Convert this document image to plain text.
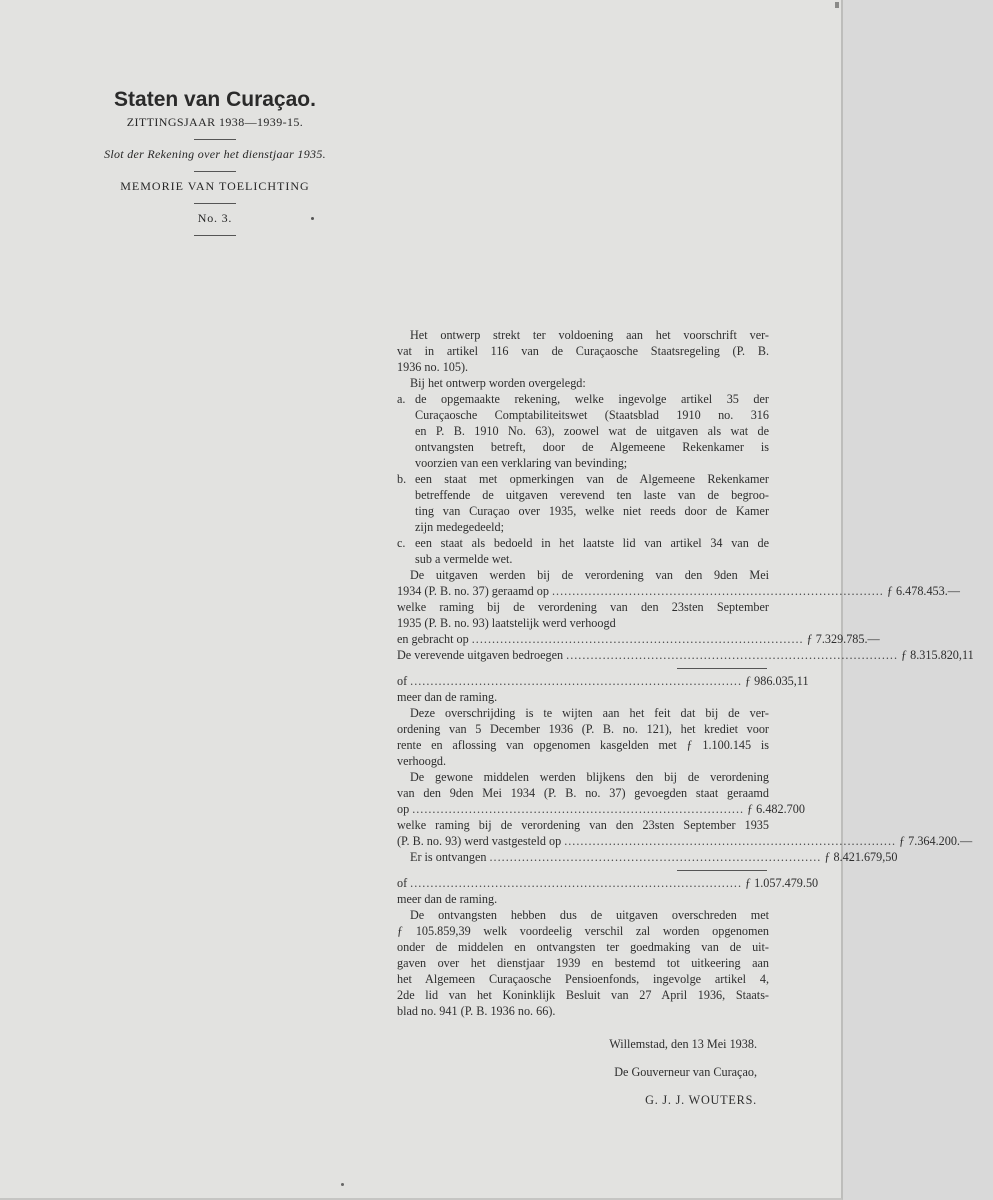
Staten van Curaçao.
ZITTINGSJAAR 1938—1939-15.
Slot der Rekening over het dienstjaar 1935.
MEMORIE VAN TOELICHTING
No. 3.
Het ontwerp strekt ter voldoening aan het voorschrift ver-
vat in artikel 116 van de Curaçaosche Staatsregeling (P. B.
1936 no. 105).
Bij het ontwerp worden overgelegd:
a. de opgemaakte rekening, welke ingevolge artikel 35 der
Curaçaosche Comptabiliteitswet (Staatsblad 1910 no. 316
en P. B. 1910 No. 63), zoowel wat de uitgaven als wat de
ontvangsten betreft, door de Algemeene Rekenkamer is
voorzien van een verklaring van bevinding;
b. een staat met opmerkingen van de Algemeene Rekenkamer
betreffende de uitgaven verevend ten laste van de begroo-
ting van Curaçao over 1935, welke niet reeds door de Kamer
zijn medegedeeld;
c. een staat als bedoeld in het laatste lid van artikel 34 van de
sub a vermelde wet.
De uitgaven werden bij de verordening van den 9den Mei
1934 (P. B. no. 37) geraamd op .................................................................................. ƒ 6.478.453.—
welke raming bij de verordening van den 23sten September
1935 (P. B. no. 93) laatstelijk werd verhoogd
en gebracht op .................................................................................. ƒ 7.329.785.—
De verevende uitgaven bedroegen .................................................................................. ƒ 8.315.820,11
of .................................................................................. ƒ 986.035,11
meer dan de raming.
Deze overschrijding is te wijten aan het feit dat bij de ver-
ordening van 5 December 1936 (P. B. no. 121), het krediet voor
rente en aflossing van opgenomen kasgelden met ƒ 1.100.145 is
verhoogd.
De gewone middelen werden blijkens den bij de verordening
van den 9den Mei 1934 (P. B. no. 37) gevoegden staat geraamd
op .................................................................................. ƒ 6.482.700
welke raming bij de verordening van den 23sten September 1935
(P. B. no. 93) werd vastgesteld op .................................................................................. ƒ 7.364.200.—
Er is ontvangen .................................................................................. ƒ 8.421.679,50
of .................................................................................. ƒ 1.057.479.50
meer dan de raming.
De ontvangsten hebben dus de uitgaven overschreden met
ƒ 105.859,39 welk voordeelig verschil zal worden opgenomen
onder de middelen en ontvangsten ter goedmaking van de uit-
gaven over het dienstjaar 1939 en bestemd tot uitkeering aan
het Algemeen Curaçaosche Pensioenfonds, ingevolge artikel 4,
2de lid van het Koninklijk Besluit van 27 April 1936, Staats-
blad no. 941 (P. B. 1936 no. 66).
Willemstad, den 13 Mei 1938.
De Gouverneur van Curaçao,
G. J. J. WOUTERS.
